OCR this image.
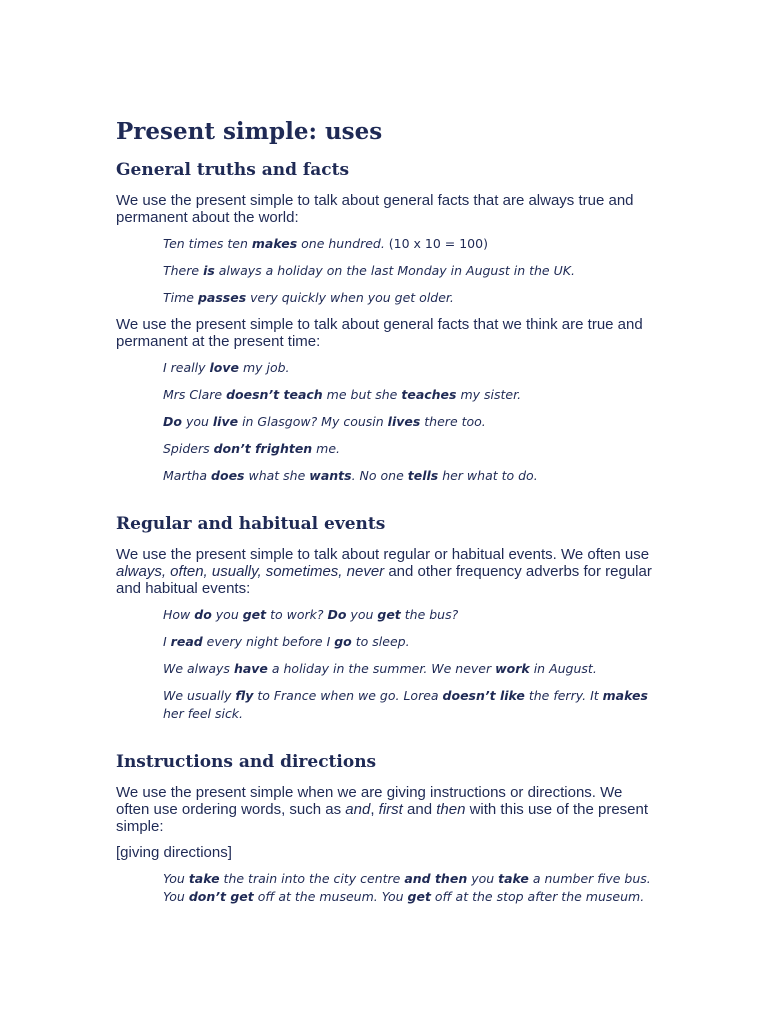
Present simple: uses
General truths and facts
We use the present simple to talk about general facts that are always true and permanent about the world:
Ten times ten makes one hundred. (10 x 10 = 100)
There is always a holiday on the last Monday in August in the UK.
Time passes very quickly when you get older.
We use the present simple to talk about general facts that we think are true and permanent at the present time:
I really love my job.
Mrs Clare doesn’t teach me but she teaches my sister.
Do you live in Glasgow? My cousin lives there too.
Spiders don’t frighten me.
Martha does what she wants. No one tells her what to do.
Regular and habitual events
We use the present simple to talk about regular or habitual events. We often use always, often, usually, sometimes, never and other frequency adverbs for regular and habitual events:
How do you get to work? Do you get the bus?
I read every night before I go to sleep.
We always have a holiday in the summer. We never work in August.
We usually fly to France when we go. Lorea doesn’t like the ferry. It makes her feel sick.
Instructions and directions
We use the present simple when we are giving instructions or directions. We often use ordering words, such as and, first and then with this use of the present simple:
[giving directions]
You take the train into the city centre and then you take a number five bus. You don’t get off at the museum. You get off at the stop after the museum.
